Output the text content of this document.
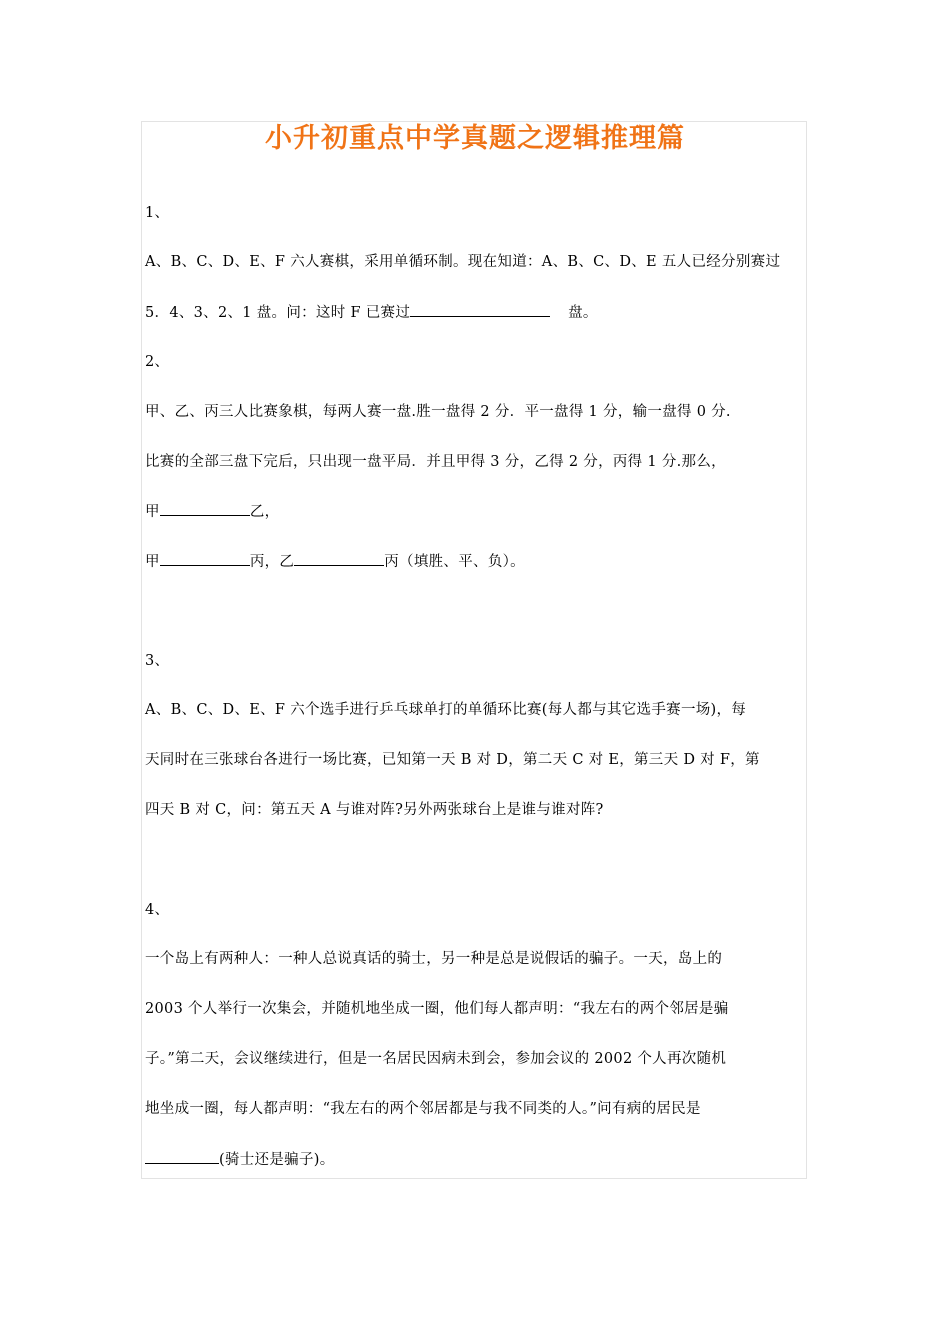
小升初重点中学真题之逻辑推理篇
1、
A、B、C、D、E、F 六人赛棋，采用单循环制。现在知道：A、B、C、D、E 五人已经分别赛过
5．4、3、2、1 盘。问：这时 F 已赛过	盘。
2、
甲、乙、丙三人比赛象棋，每两人赛一盘.胜一盘得 2 分．平一盘得 1 分，输一盘得 0 分.
比赛的全部三盘下完后，只出现一盘平局．并且甲得 3 分，乙得 2 分，丙得 1 分.那么，
甲	乙，
甲	丙，乙	丙（填胜、平、负）。
3、
A、B、C、D、E、F 六个选手进行乒乓球单打的单循环比赛(每人都与其它选手赛一场)，每
天同时在三张球台各进行一场比赛，已知第一天 B 对 D，第二天 C 对 E，第三天 D 对 F，第
四天 B 对 C，问：第五天 A 与谁对阵?另外两张球台上是谁与谁对阵?
4、
一个岛上有两种人：一种人总说真话的骑士，另一种是总是说假话的骗子。一天，岛上的
2003 个人举行一次集会，并随机地坐成一圈，他们每人都声明：“我左右的两个邻居是骗
子。”第二天，会议继续进行，但是一名居民因病未到会，参加会议的 2002 个人再次随机
地坐成一圈，每人都声明：“我左右的两个邻居都是与我不同类的人。”问有病的居民是
(骑士还是骗子)。
